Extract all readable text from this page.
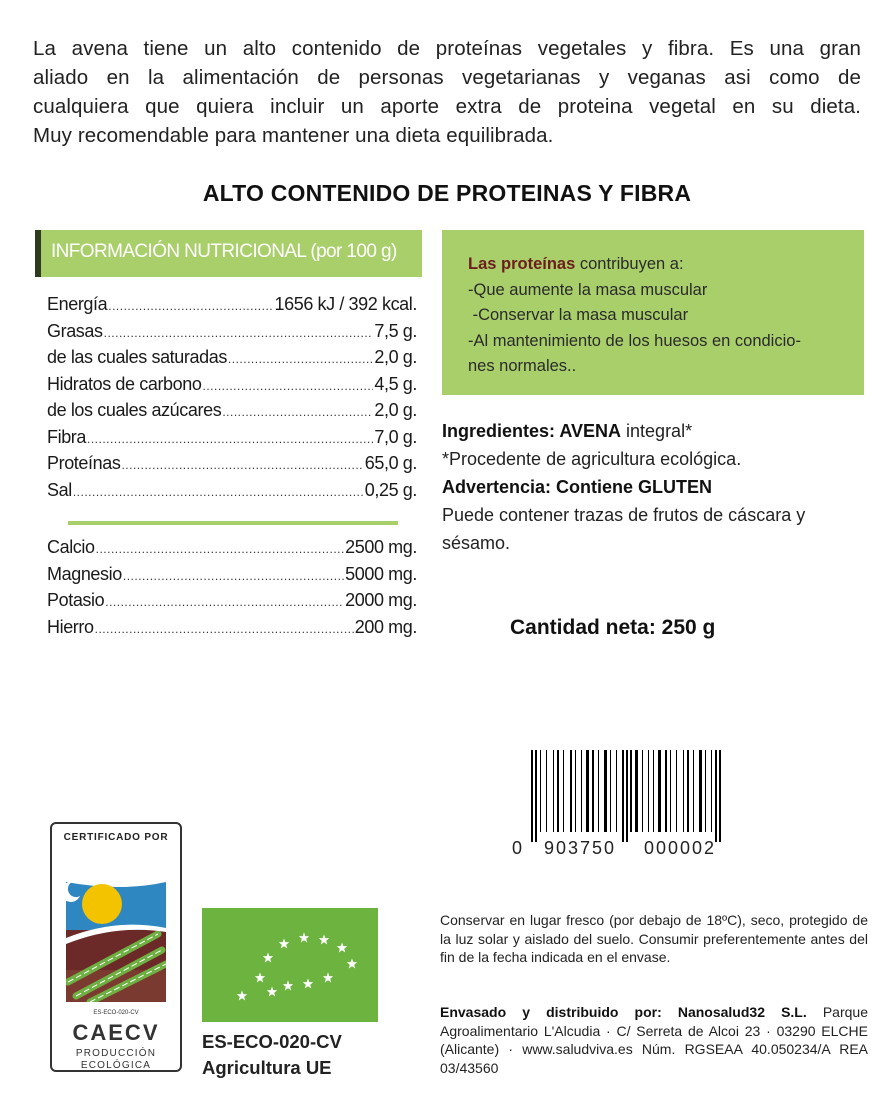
La avena tiene un alto contenido de proteínas vegetales y fibra. Es una gran
aliado en la alimentación de personas vegetarianas y veganas asi como de
cualquiera que quiera incluir un aporte extra de proteina vegetal en su dieta.
Muy recomendable para mantener una dieta equilibrada.
ALTO CONTENIDO DE PROTEINAS Y FIBRA
INFORMACIÓN NUTRICIONAL (por 100 g)
Energía .....	1656 kJ / 392 kcal.
Grasas .....	7,5 g.
de las cuales saturadas .....	2,0 g.
Hidratos de carbono .....	4,5 g.
de los cuales azúcares .....	2,0 g.
Fibra .....	7,0 g.
Proteínas .....	65,0 g.
Sal .....	0,25 g.
Calcio .....	2500 mg.
Magnesio .....	5000 mg.
Potasio .....	2000 mg.
Hierro .....	200 mg.
Las proteínas contribuyen a:
-Que aumente la masa muscular
-Conservar la masa muscular
-Al mantenimiento de los huesos en condicio-
nes normales..
Ingredientes: AVENA integral*
*Procedente de agricultura ecológica.
Advertencia: Contiene GLUTEN
Puede contener trazas de frutos de cáscara y sésamo.
Cantidad neta: 250 g
0 903750 000002
CERTIFICADO POR
ES-ECO-020-CV
CAECV
PRODUCCIÓN
ECOLÓGICA
ES-ECO-020-CV
Agricultura UE
Conservar en lugar fresco (por debajo de 18ºC), seco, protegido de la luz solar y aislado del suelo. Consumir preferentemente antes del fin de la fecha indicada en el envase.
Envasado y distribuido por: Nanosalud32 S.L. Parque Agroalimentario L'Alcudia · C/ Serreta de Alcoi 23 · 03290 ELCHE (Alicante) · www.saludviva.es Núm. RGSEAA 40.050234/A REA 03/43560
